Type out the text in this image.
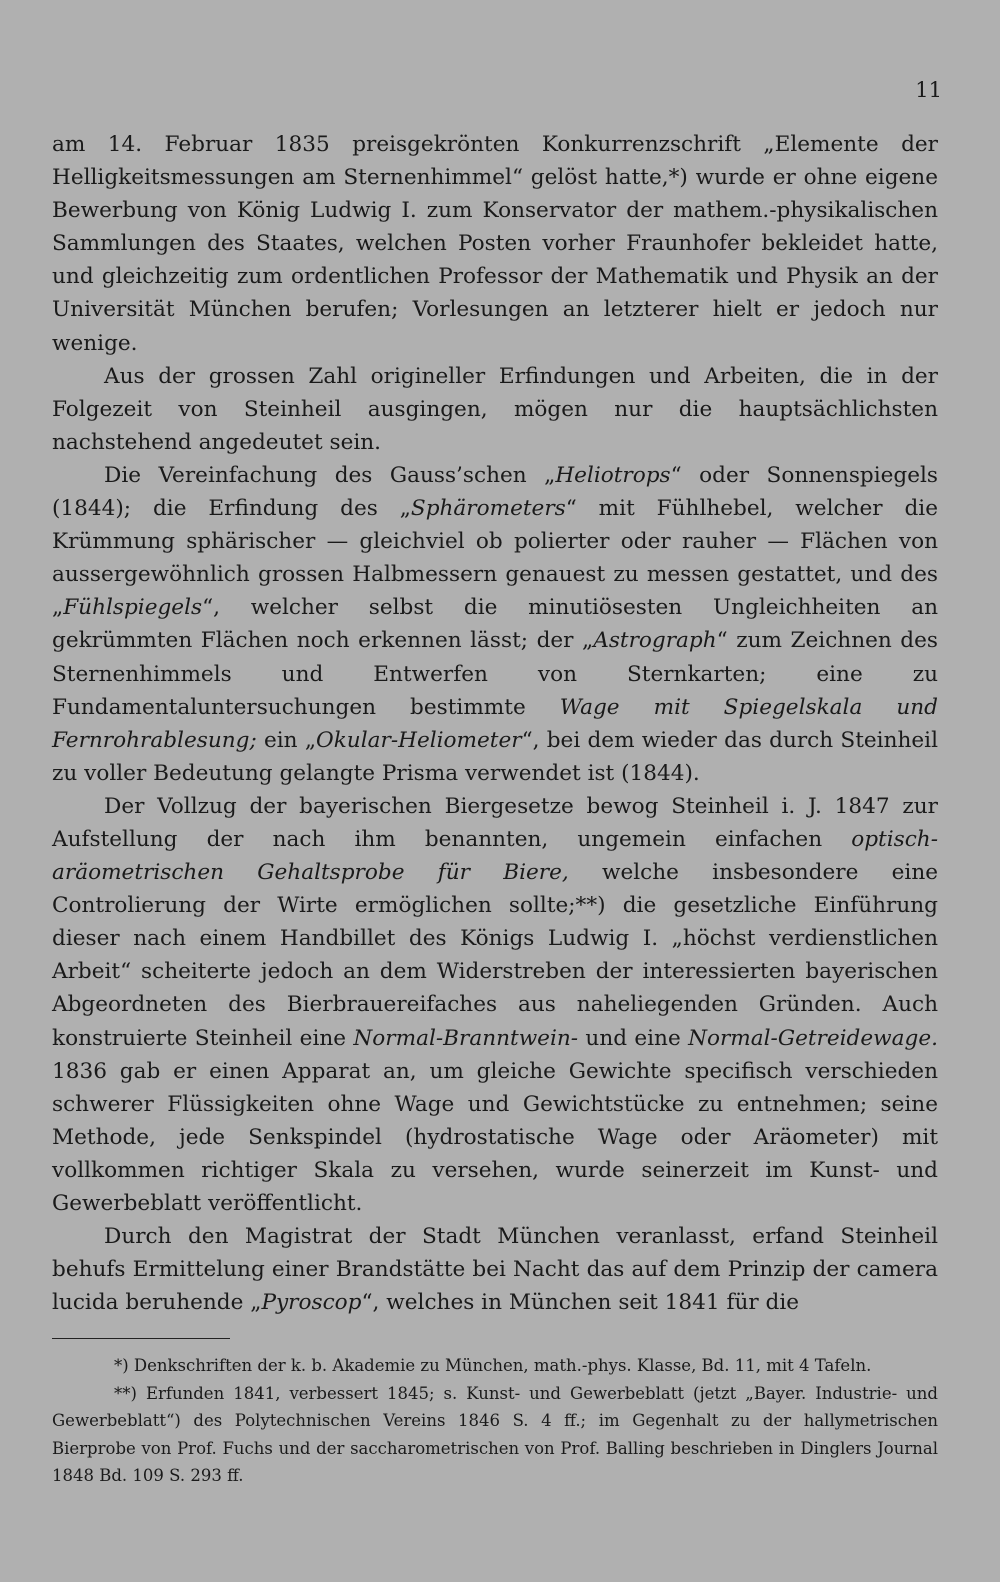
11

am 14. Februar 1835 preisgekrönten Konkurrenzschrift „Elemente der Helligkeitsmessungen am Sternenhimmel“ gelöst hatte,*) wurde er ohne eigene Bewerbung von König Ludwig I. zum Konservator der mathem.-physikalischen Sammlungen des Staates, welchen Posten vorher Fraunhofer bekleidet hatte, und gleichzeitig zum ordentlichen Professor der Mathematik und Physik an der Universität München berufen; Vorlesungen an letzterer hielt er jedoch nur wenige.

Aus der grossen Zahl origineller Erfindungen und Arbeiten, die in der Folgezeit von Steinheil ausgingen, mögen nur die hauptsächlichsten nachstehend angedeutet sein.

Die Vereinfachung des Gauss’schen „Heliotrops“ oder Sonnenspiegels (1844); die Erfindung des „Sphärometers“ mit Fühlhebel, welcher die Krümmung sphärischer — gleichviel ob polierter oder rauher — Flächen von aussergewöhnlich grossen Halbmessern genauest zu messen gestattet, und des „Fühlspiegels“, welcher selbst die minutiösesten Ungleichheiten an gekrümmten Flächen noch erkennen lässt; der „Astrograph“ zum Zeichnen des Sternenhimmels und Entwerfen von Sternkarten; eine zu Fundamentaluntersuchungen bestimmte Wage mit Spiegelskala und Fernrohrablesung; ein „Okular-Heliometer“, bei dem wieder das durch Steinheil zu voller Bedeutung gelangte Prisma verwendet ist (1844).

Der Vollzug der bayerischen Biergesetze bewog Steinheil i. J. 1847 zur Aufstellung der nach ihm benannten, ungemein einfachen optisch-aräometrischen Gehaltsprobe für Biere, welche insbesondere eine Controlierung der Wirte ermöglichen sollte;**) die gesetzliche Einführung dieser nach einem Handbillet des Königs Ludwig I. „höchst verdienstlichen Arbeit“ scheiterte jedoch an dem Widerstreben der interessierten bayerischen Abgeordneten des Bierbrauereifaches aus naheliegenden Gründen. Auch konstruierte Steinheil eine Normal-Branntwein- und eine Normal-Getreidewage. 1836 gab er einen Apparat an, um gleiche Gewichte specifisch verschieden schwerer Flüssigkeiten ohne Wage und Gewichtstücke zu entnehmen; seine Methode, jede Senkspindel (hydrostatische Wage oder Aräometer) mit vollkommen richtiger Skala zu versehen, wurde seinerzeit im Kunst- und Gewerbeblatt veröffentlicht.

Durch den Magistrat der Stadt München veranlasst, erfand Steinheil behufs Ermittelung einer Brandstätte bei Nacht das auf dem Prinzip der camera lucida beruhende „Pyroscop“, welches in München seit 1841 für die

*) Denkschriften der k. b. Akademie zu München, math.-phys. Klasse, Bd. 11, mit 4 Tafeln.

**) Erfunden 1841, verbessert 1845; s. Kunst- und Gewerbeblatt (jetzt „Bayer. Industrie- und Gewerbeblatt“) des Polytechnischen Vereins 1846 S. 4 ff.; im Gegenhalt zu der hallymetrischen Bierprobe von Prof. Fuchs und der saccharometrischen von Prof. Balling beschrieben in Dinglers Journal 1848 Bd. 109 S. 293 ff.
